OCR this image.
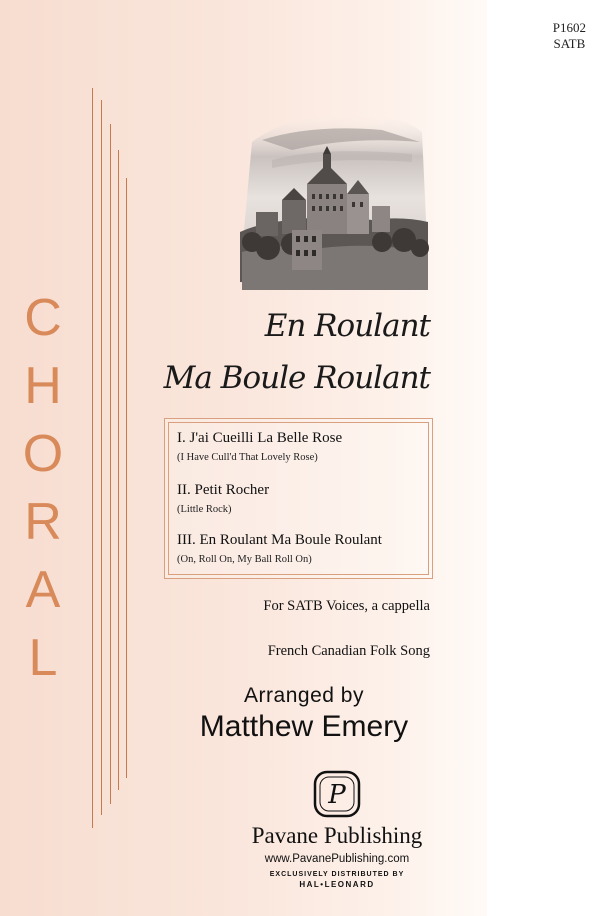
P1602
SATB
C
H
O
R
A
L
En Roulant
Ma Boule Roulant
I. J'ai Cueilli La Belle Rose
(I Have Cull'd That Lovely Rose)
II. Petit Rocher
(Little Rock)
III. En Roulant Ma Boule Roulant
(On, Roll On, My Ball Roll On)
For SATB Voices, a cappella
French Canadian Folk Song
Arranged by
Matthew Emery
P
Pavane Publishing
www.PavanePublishing.com
EXCLUSIVELY DISTRIBUTED BY
HAL•LEONARD
